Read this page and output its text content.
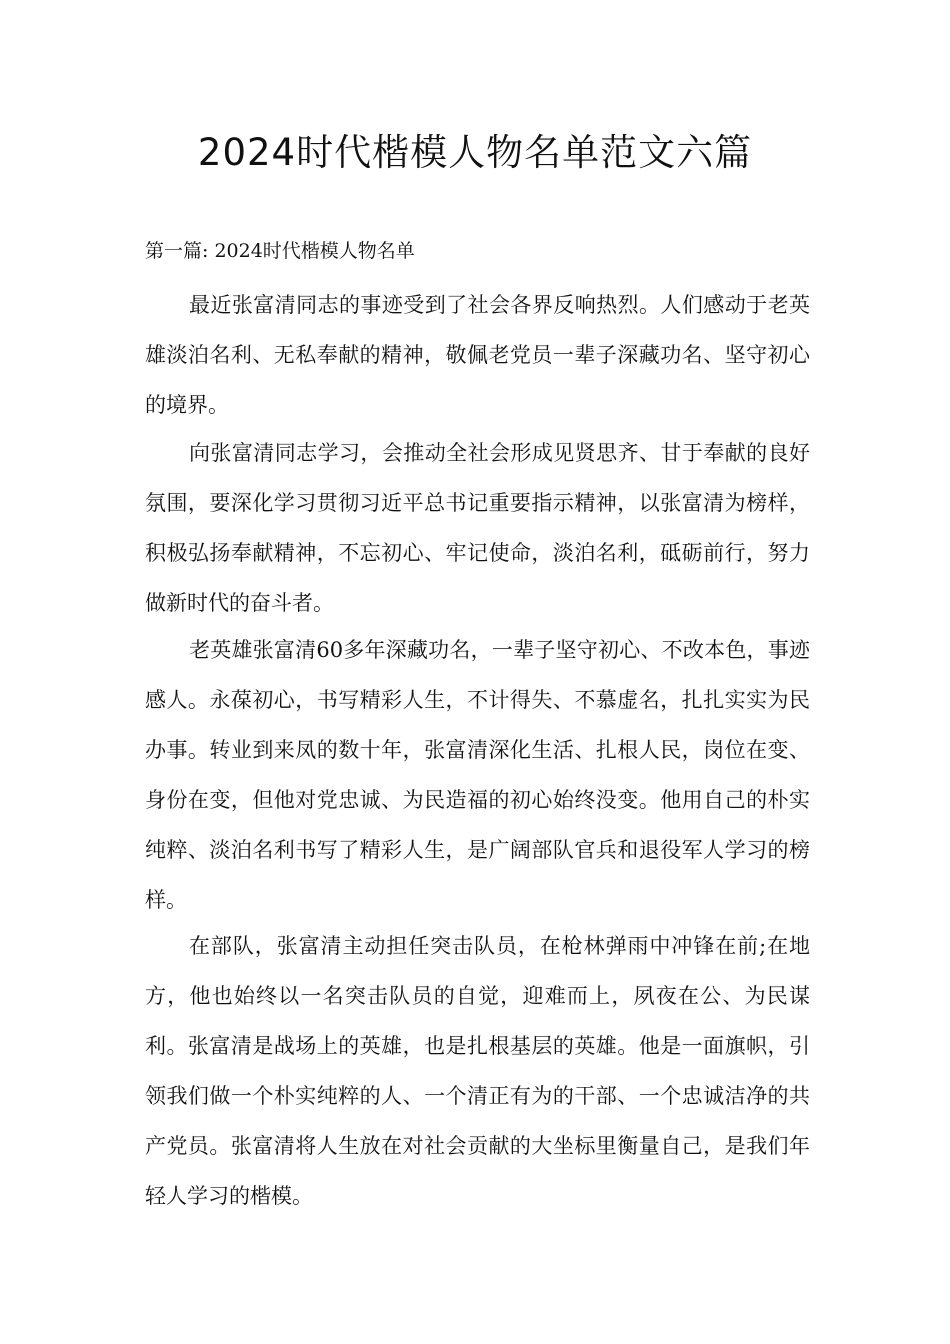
2024时代楷模人物名单范文六篇
第一篇: 2024时代楷模人物名单

最近张富清同志的事迹受到了社会各界反响热烈。人们感动于老英雄淡泊名利、无私奉献的精神，敬佩老党员一辈子深藏功名、坚守初心的境界。

向张富清同志学习，会推动全社会形成见贤思齐、甘于奉献的良好氛围，要深化学习贯彻习近平总书记重要指示精神，以张富清为榜样，积极弘扬奉献精神，不忘初心、牢记使命，淡泊名利，砥砺前行，努力做新时代的奋斗者。

老英雄张富清60多年深藏功名，一辈子坚守初心、不改本色，事迹感人。永葆初心，书写精彩人生，不计得失、不慕虚名，扎扎实实为民办事。转业到来凤的数十年，张富清深化生活、扎根人民，岗位在变、身份在变，但他对党忠诚、为民造福的初心始终没变。他用自己的朴实纯粹、淡泊名利书写了精彩人生，是广阔部队官兵和退役军人学习的榜样。

在部队，张富清主动担任突击队员，在枪林弹雨中冲锋在前;在地方，他也始终以一名突击队员的自觉，迎难而上，夙夜在公、为民谋利。张富清是战场上的英雄，也是扎根基层的英雄。他是一面旗帜，引领我们做一个朴实纯粹的人、一个清正有为的干部、一个忠诚洁净的共产党员。张富清将人生放在对社会贡献的大坐标里衡量自己，是我们年轻人学习的楷模。
